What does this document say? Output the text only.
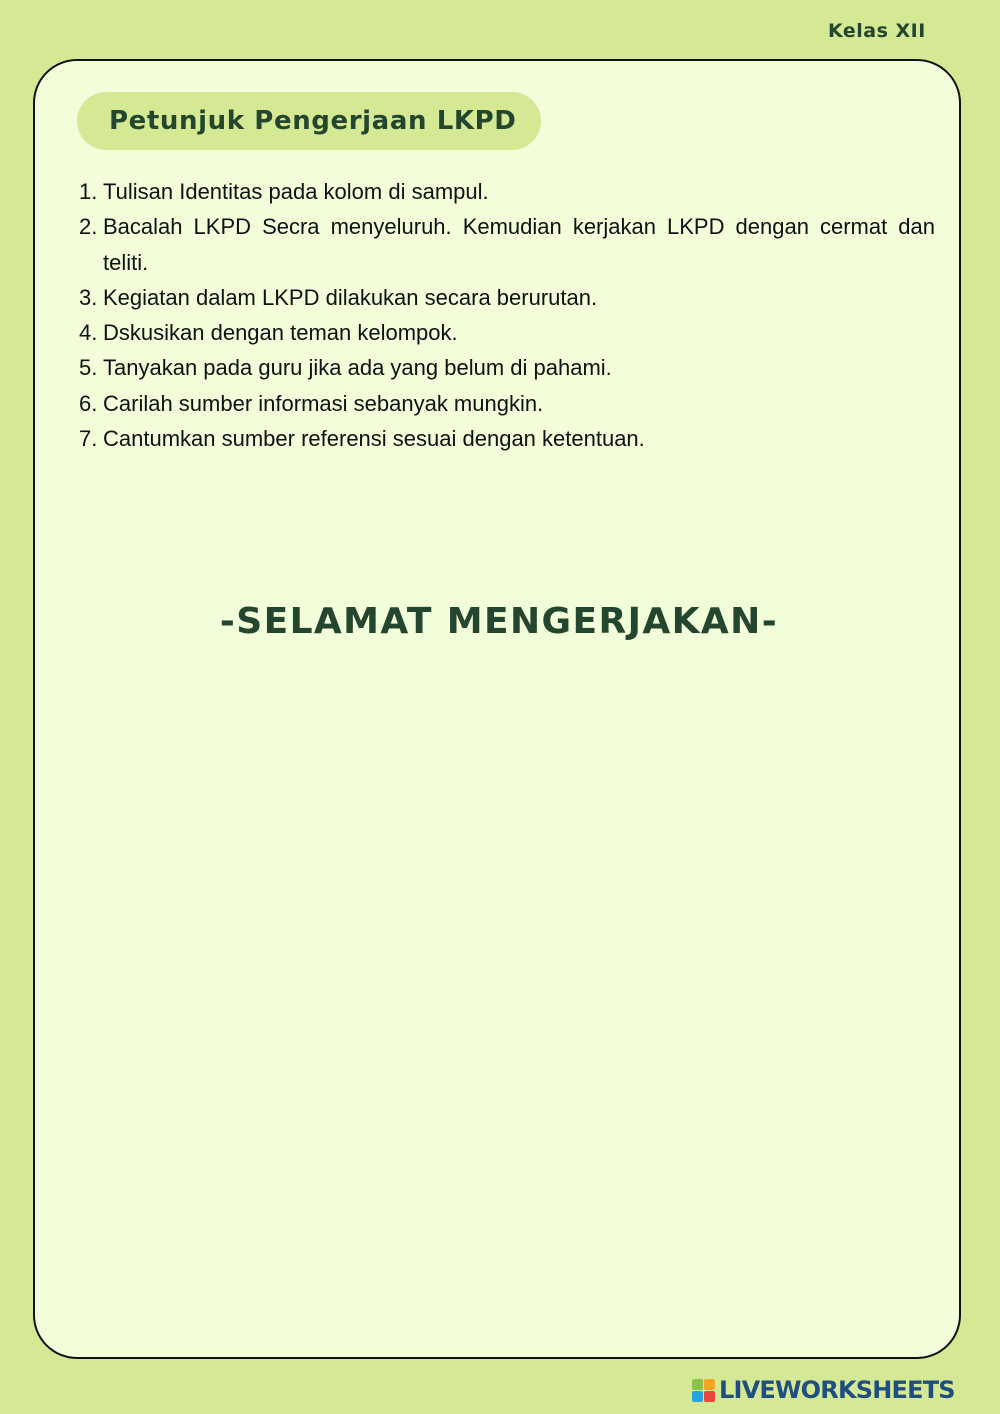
Kelas XII
Petunjuk Pengerjaan LKPD
1. Tulisan Identitas pada kolom di sampul.
2. Bacalah LKPD Secra menyeluruh. Kemudian kerjakan LKPD dengan cermat dan teliti.
3. Kegiatan dalam LKPD dilakukan secara berurutan.
4. Dskusikan dengan teman kelompok.
5. Tanyakan pada guru jika ada yang belum di pahami.
6. Carilah sumber informasi sebanyak mungkin.
7. Cantumkan sumber referensi sesuai dengan ketentuan.
-SELAMAT MENGERJAKAN-
LIVEWORKSHEETS
